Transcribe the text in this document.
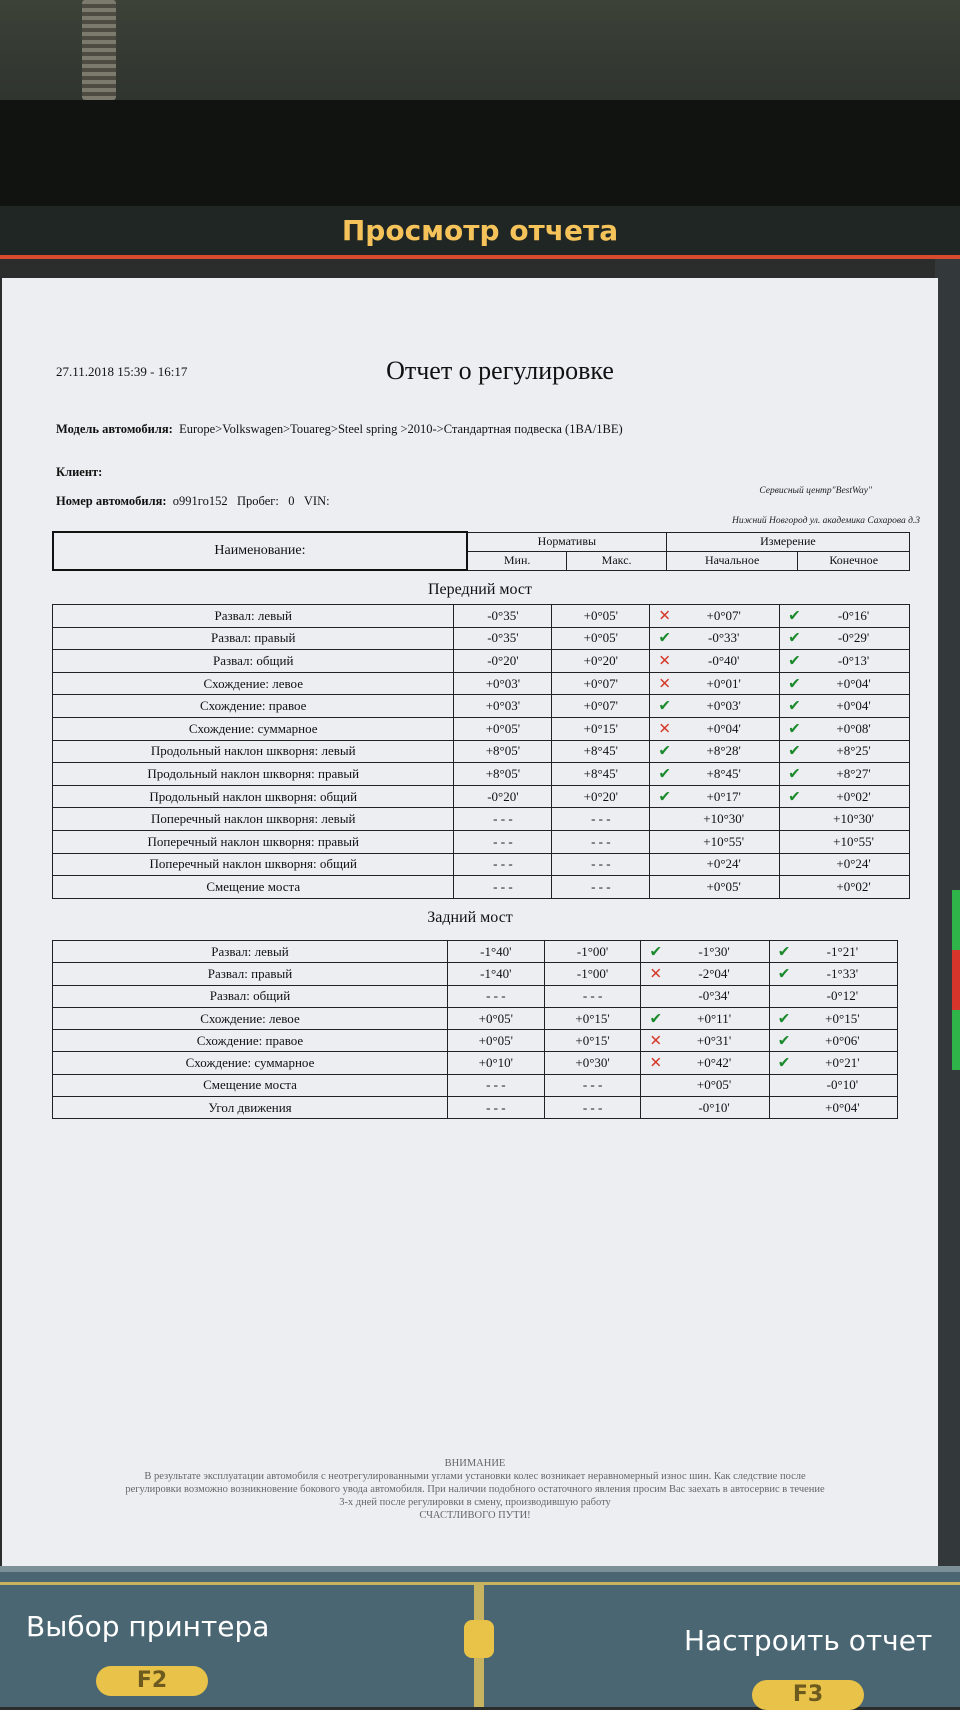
Просмотр отчета
27.11.2018 15:39 - 16:17	Отчет о регулировке
Модель автомобиля: Europe>Volkswagen>Touareg>Steel spring >2010->Стандартная подвеска (1BA/1BE)
Клиент:
Номер автомобиля: о991го152 Пробег: 0 VIN:
Сервисный центр"BestWay"
Нижний Новгород ул. академика Сахарова д.3
Наименование:	Нормативы		Измерение	
	Мин.	Макс.	Начальное	Конечное
Передний мост
Развал: левый	-0°35'	+0°05'	✕ +0°07'	✔ -0°16'
Развал: правый	-0°35'	+0°05'	✔ -0°33'	✔ -0°29'
Развал: общий	-0°20'	+0°20'	✕ -0°40'	✔ -0°13'
Схождение: левое	+0°03'	+0°07'	✕ +0°01'	✔ +0°04'
Схождение: правое	+0°03'	+0°07'	✔ +0°03'	✔ +0°04'
Схождение: суммарное	+0°05'	+0°15'	✕ +0°04'	✔ +0°08'
Продольный наклон шкворня: левый	+8°05'	+8°45'	✔ +8°28'	✔ +8°25'
Продольный наклон шкворня: правый	+8°05'	+8°45'	✔ +8°45'	✔ +8°27'
Продольный наклон шкворня: общий	-0°20'	+0°20'	✔ +0°17'	✔ +0°02'
Поперечный наклон шкворня: левый	- - -	- - -	+10°30'	+10°30'
Поперечный наклон шкворня: правый	- - -	- - -	+10°55'	+10°55'
Поперечный наклон шкворня: общий	- - -	- - -	+0°24'	+0°24'
Смещение моста	- - -	- - -	+0°05'	+0°02'
Задний мост
Развал: левый	-1°40'	-1°00'	✔ -1°30'	✔ -1°21'
Развал: правый	-1°40'	-1°00'	✕ -2°04'	✔ -1°33'
Развал: общий	- - -	- - -	-0°34'	-0°12'
Схождение: левое	+0°05'	+0°15'	✔ +0°11'	✔ +0°15'
Схождение: правое	+0°05'	+0°15'	✕ +0°31'	✔ +0°06'
Схождение: суммарное	+0°10'	+0°30'	✕ +0°42'	✔ +0°21'
Смещение моста	- - -	- - -	+0°05'	-0°10'
Угол движения	- - -	- - -	-0°10'	+0°04'
ВНИМАНИЕ
В результате эксплуатации автомобиля с неотрегулированными углами установки колес возникает неравномерный износ шин. Как следствие после
регулировки возможно возникновение бокового увода автомобиля. При наличии подобного остаточного явления просим Вас заехать в автосервис в течение
3-х дней после регулировки в смену, производившую работу
СЧАСТЛИВОГО ПУТИ!
Выбор принтера
F2
Настроить отчет
F3
